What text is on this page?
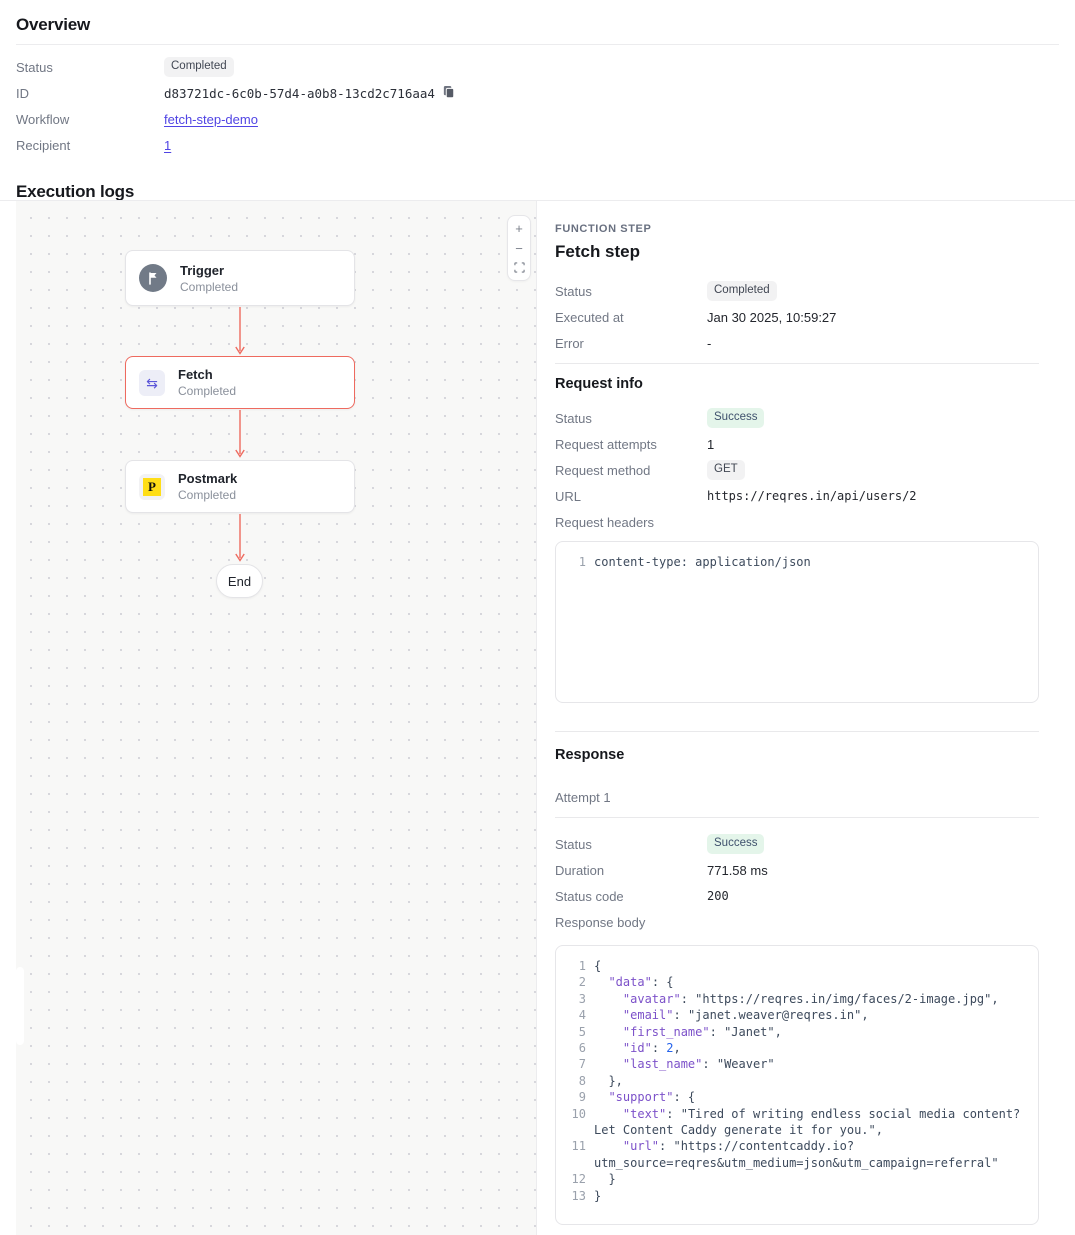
Overview
Status	Completed
ID	d83721dc-6c0b-57d4-a0b8-13cd2c716aa4
Workflow	fetch-step-demo
Recipient	1
Execution logs
+
−
Trigger
Completed
⇆ Fetch
Completed
P	Postmark
Completed
End
FUNCTION STEP
Fetch step
Status	Completed
Executed at	Jan 30 2025, 10:59:27
Error	-
Request info
Status	Success
Request attempts	1
Request method	GET
URL	https://reqres.in/api/users/2
Request headers
1 content-type: application/json
Response
Attempt 1
Status	Success
Duration	771.58 ms
Status code	200
Response body
1 {
2	"data": {
3	"avatar": "https://reqres.in/img/faces/2-image.jpg",
4	"email": "janet.weaver@reqres.in",
5	"first_name": "Janet",
6	"id": 2,
7	"last_name": "Weaver"
8 },
9	"support": {
10	"text": "Tired of writing endless social media content? Let Content Caddy generate it for you.",
11	"url": "https://contentcaddy.io?utm_source=reqres&utm_medium=json&utm_campaign=referral"
12 }
13 }
